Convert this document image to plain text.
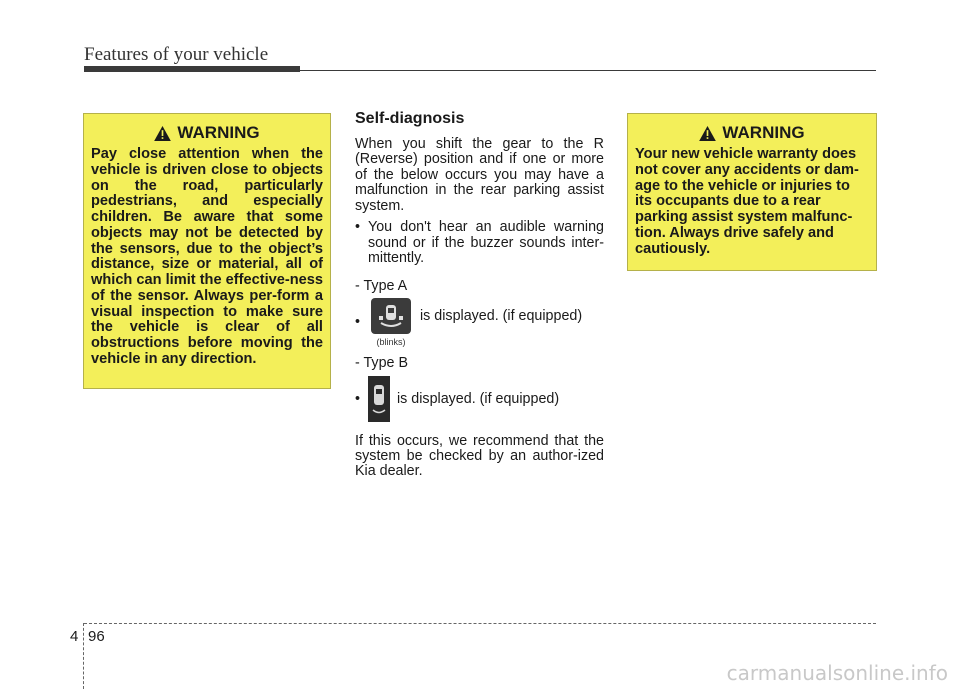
Features of your vehicle
WARNING
Pay close attention when the vehicle is driven close to objects on the road, particularly pedestrians, and especially children. Be aware that some objects may not be detected by the sensors, due to the object’s distance, size or material, all of which can limit the effective-ness of the sensor. Always per-form a visual inspection to make sure the vehicle is clear of all obstructions before moving the vehicle in any direction.
Self-diagnosis
When you shift the gear to the R (Reverse) position and if one or more of the below occurs you may have a malfunction in the rear parking assist system.
• You don't hear an audible warning sound or if the buzzer sounds inter-mittently.
- Type A
•
(blinks)
is displayed. (if equipped)
- Type B
•	is displayed. (if equipped)
If this occurs, we recommend that the system be checked by an author-ized Kia dealer.
WARNING
Your new vehicle warranty does not cover any accidents or dam-age to the vehicle or injuries to its occupants due to a rear parking assist system malfunc-tion. Always drive safely and cautiously.
4 96
carmanualsonline.info
